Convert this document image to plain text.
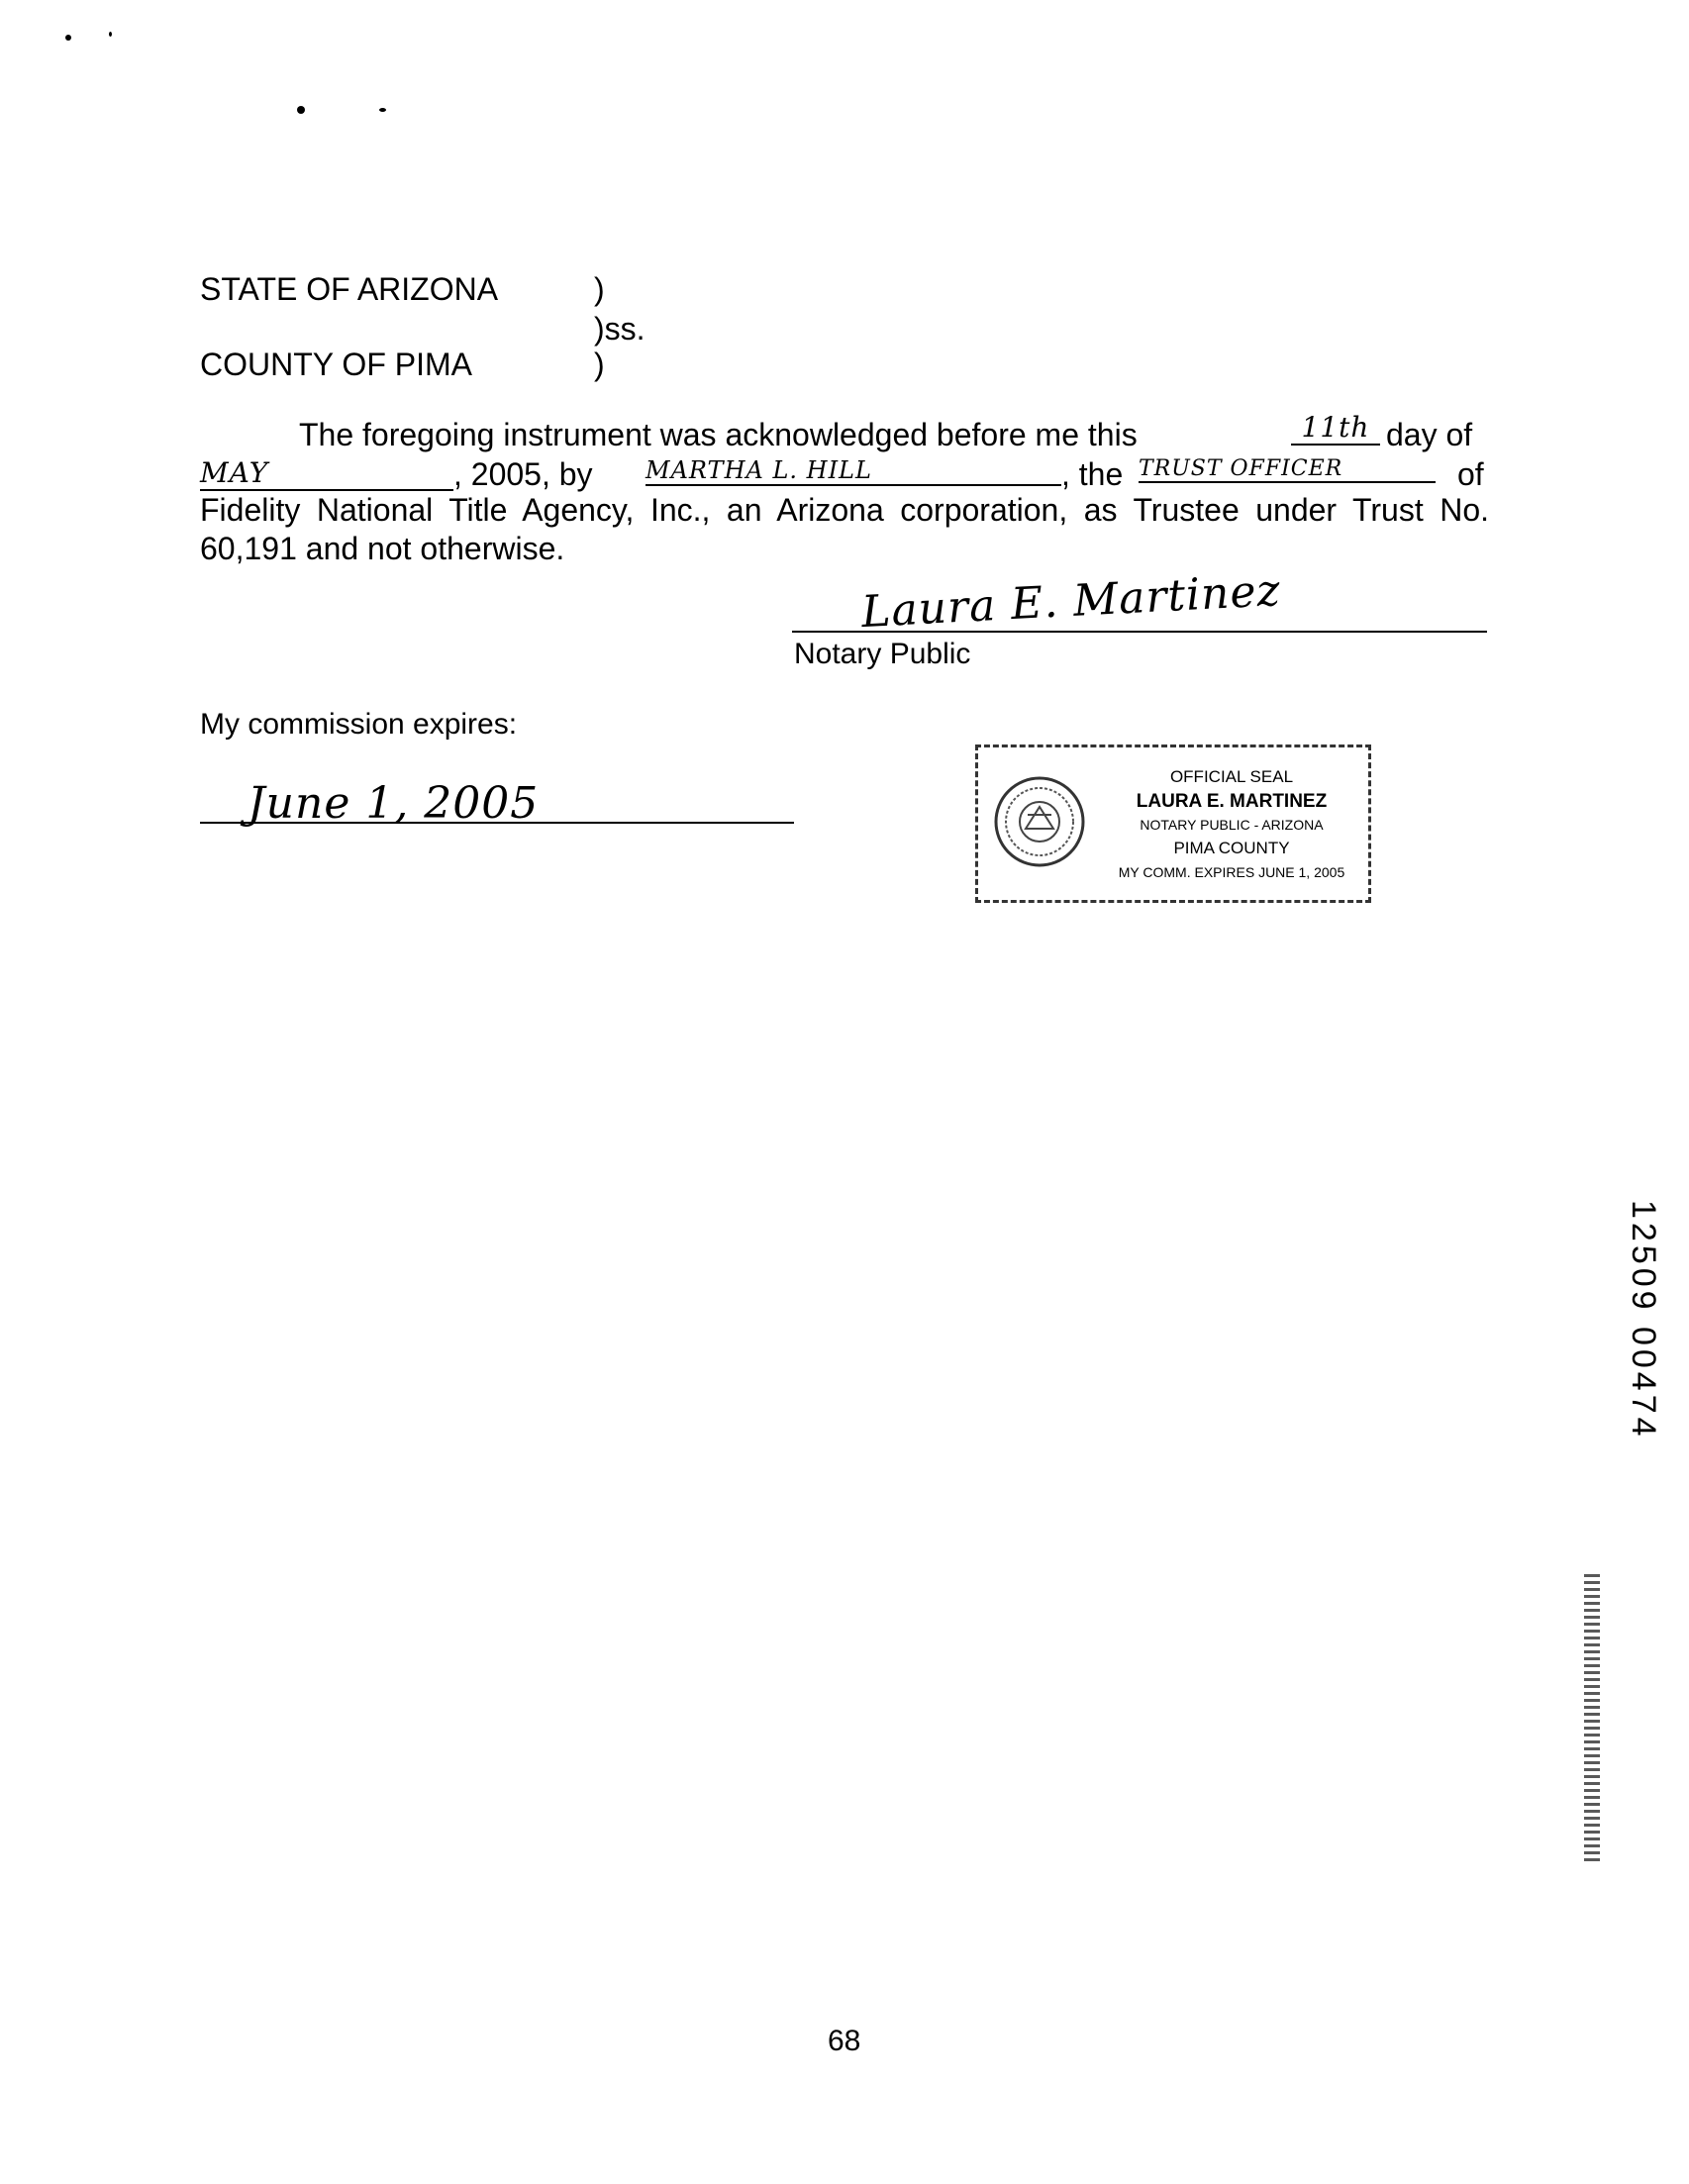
STATE OF ARIZONA	)
)ss.
COUNTY OF PIMA	)
The foregoing instrument was acknowledged before me this	11th day of
MAY	, 2005, by MARTHA L. HILL	, the TRUST OFFICER	of
Fidelity National Title Agency, Inc., an Arizona corporation, as Trustee under Trust No.
60,191 and not otherwise.
Laura E. Martinez
Notary Public
My commission expires:
June 1, 2005
OFFICIAL SEAL
LAURA E. MARTINEZ
NOTARY PUBLIC - ARIZONA
PIMA COUNTY
MY COMM. EXPIRES JUNE 1, 2005
12509 00474
68
